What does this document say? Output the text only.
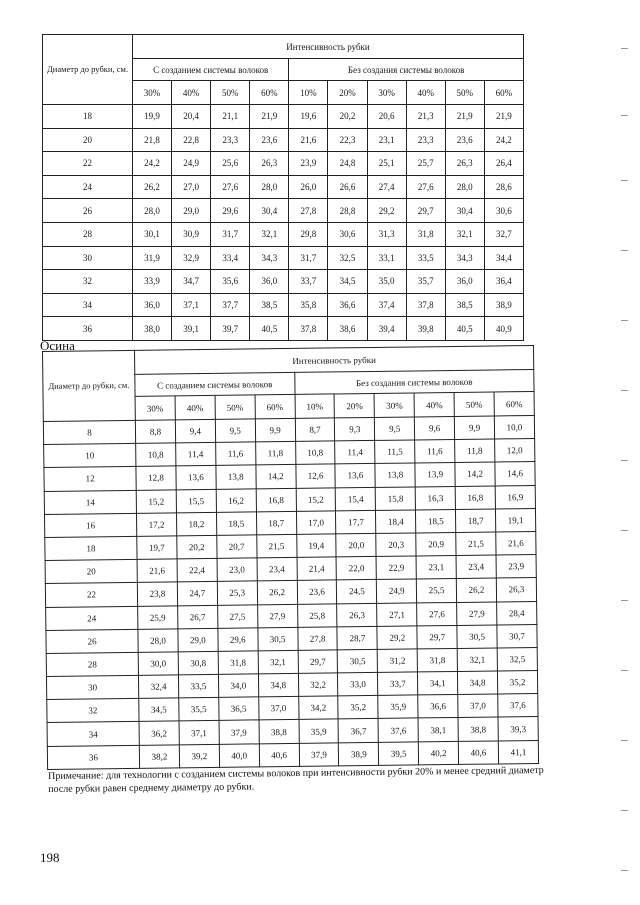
Диаметр до рубки, см.	Интенсивность рубки									
	С созданием системы волоков				Без создания системы волоков					
	30%	40%	50%	60%	10%	20%	30%	40%	50%	60%
18	19,9	20,4	21,1	21,9	19,6	20,2	20,6	21,3	21,9	21,9
20	21,8	22,8	23,3	23,6	21,6	22,3	23,1	23,3	23,6	24,2
22	24,2	24,9	25,6	26,3	23,9	24,8	25,1	25,7	26,3	26,4
24	26,2	27,0	27,6	28,0	26,0	26,6	27,4	27,6	28,0	28,6
26	28,0	29,0	29,6	30,4	27,8	28,8	29,2	29,7	30,4	30,6
28	30,1	30,9	31,7	32,1	29,8	30,6	31,3	31,8	32,1	32,7
30	31,9	32,9	33,4	34,3	31,7	32,5	33,1	33,5	34,3	34,4
32	33,9	34,7	35,6	36,0	33,7	34,5	35,0	35,7	36,0	36,4
34	36,0	37,1	37,7	38,5	35,8	36,6	37,4	37,8	38,5	38,9
36	38,0	39,1	39,7	40,5	37,8	38,6	39,4	39,8	40,5	40,9
Осина
Диаметр до рубки, см.	Интенсивность рубки									
	С созданием системы волоков				Без создания системы волоков					
	30%	40%	50%	60%	10%	20%	30%	40%	50%	60%
8	8,8	9,4	9,5	9,9	8,7	9,3	9,5	9,6	9,9	10,0
10	10,8	11,4	11,6	11,8	10,8	11,4	11,5	11,6	11,8	12,0
12	12,8	13,6	13,8	14,2	12,6	13,6	13,8	13,9	14,2	14,6
14	15,2	15,5	16,2	16,8	15,2	15,4	15,8	16,3	16,8	16,9
16	17,2	18,2	18,5	18,7	17,0	17,7	18,4	18,5	18,7	19,1
18	19,7	20,2	20,7	21,5	19,4	20,0	20,3	20,9	21,5	21,6
20	21,6	22,4	23,0	23,4	21,4	22,0	22,9	23,1	23,4	23,9
22	23,8	24,7	25,3	26,2	23,6	24,5	24,9	25,5	26,2	26,3
24	25,9	26,7	27,5	27,9	25,8	26,3	27,1	27,6	27,9	28,4
26	28,0	29,0	29,6	30,5	27,8	28,7	29,2	29,7	30,5	30,7
28	30,0	30,8	31,8	32,1	29,7	30,5	31,2	31,8	32,1	32,5
30	32,4	33,5	34,0	34,8	32,2	33,0	33,7	34,1	34,8	35,2
32	34,5	35,5	36,5	37,0	34,2	35,2	35,9	36,6	37,0	37,6
34	36,2	37,1	37,9	38,8	35,9	36,7	37,6	38,1	38,8	39,3
36	38,2	39,2	40,0	40,6	37,9	38,9	39,5	40,2	40,6	41,1
Примечание: для технологии с созданием системы волоков при интенсивности рубки 20% и менее средний диаметр после рубки равен среднему диаметру до рубки.
198
